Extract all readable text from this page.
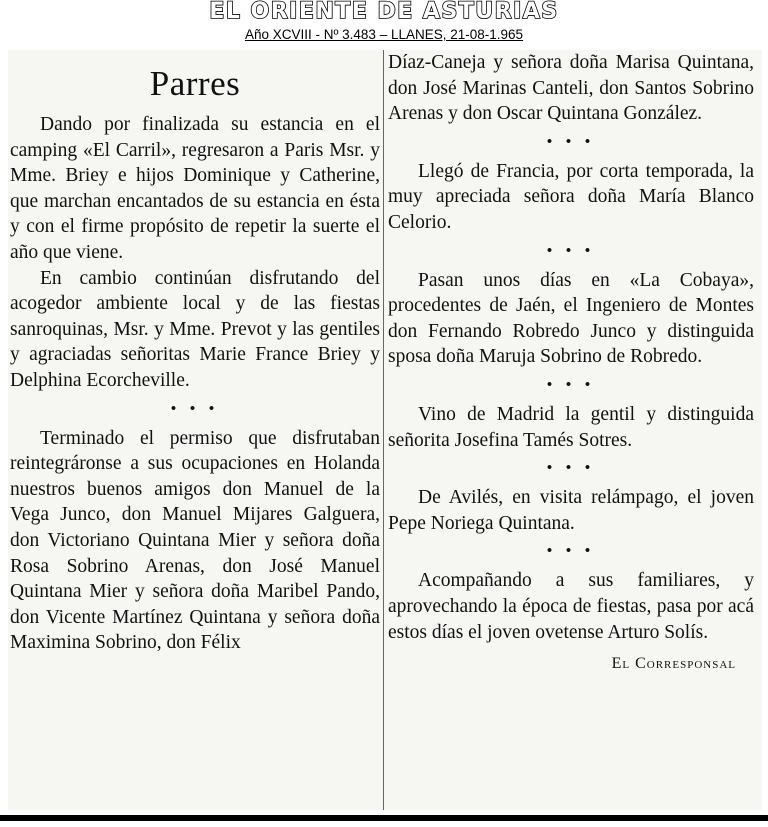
EL ORIENTE DE ASTURIAS
Año XCVIII - Nº 3.483 – LLANES, 21-08-1.965
Parres

Dando por finalizada su estancia en el camping «El Carril», regresaron a Paris Msr. y Mme. Briey e hijos Dominique y Catherine, que marchan encantados de su estancia en ésta y con el firme propósito de repetir la suerte el año que viene.

En cambio continúan disfrutando del acogedor ambiente local y de las fiestas sanroquinas, Msr. y Mme. Prevot y las gentiles y agraciadas señoritas Marie France Briey y Delphina Ecorcheville.

• • •

Terminado el permiso que disfrutaban reintegráronse a sus ocupaciones en Holanda nuestros buenos amigos don Manuel de la Vega Junco, don Manuel Mijares Galguera, don Victoriano Quintana Mier y señora doña Rosa Sobrino Arenas, don José Manuel Quintana Mier y señora doña Maribel Pando, don Vicente Martínez Quintana y señora doña Maximina Sobrino, don Félix

Díaz-Caneja y señora doña Marisa Quintana, don José Marinas Canteli, don Santos Sobrino Arenas y don Oscar Quintana González.

• • •

Llegó de Francia, por corta temporada, la muy apreciada señora doña María Blanco Celorio.

• • •

Pasan unos días en «La Cobaya», procedentes de Jaén, el Ingeniero de Montes don Fernando Robredo Junco y distinguida sposa doña Maruja Sobrino de Robredo.

• • •

Vino de Madrid la gentil y distinguida señorita Josefina Tamés Sotres.

• • •

De Avilés, en visita relámpago, el joven Pepe Noriega Quintana.

• • •

Acompañando a sus familiares, y aprovechando la época de fiestas, pasa por acá estos días el joven ovetense Arturo Solís.

El Corresponsal
